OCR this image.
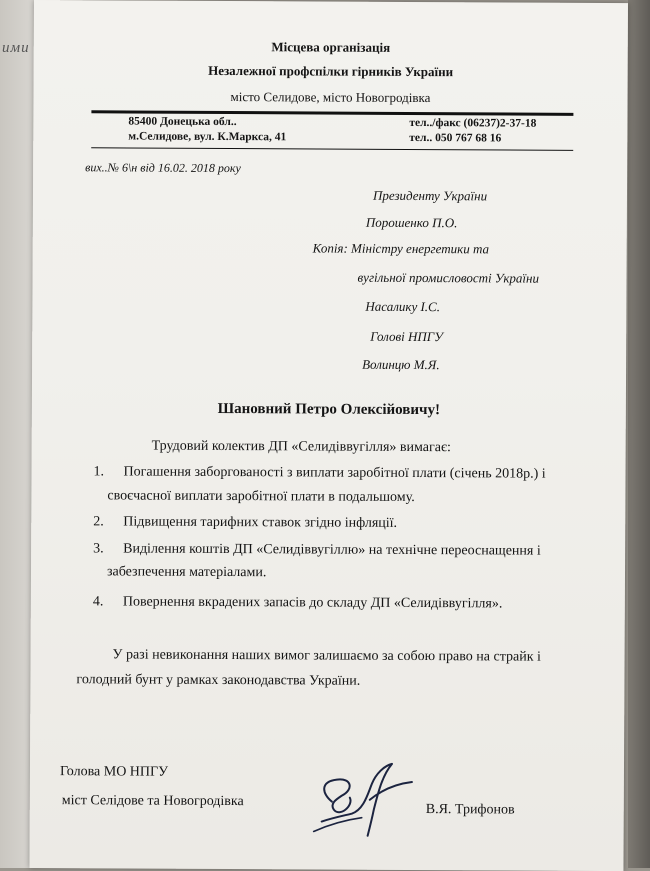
ими	Місцева організація
Незалежної профспілки гірників України
місто Селидове, місто Новогродівка
85400 Донецька обл..
м.Селидове, вул. К.Маркса, 41
тел../факс (06237)2-37-18
тел.. 050 767 68 16
вих..№ 6\н від 16.02. 2018 року
Президенту України
Порошенко П.О.
Копія: Міністру енергетики та
вугільної промисловості України
Насалику І.С.
Голові НПГУ
Волинцю М.Я.
Шановний Петро Олексійовичу!
Трудовий колектив ДП «Селидіввугілля» вимагає:
1. Погашення заборгованості з виплати заробітної плати (січень 2018р.) і
своєчасної виплати заробітної плати в подальшому.
2. Підвищення тарифних ставок згідно інфляції.
3. Виділення коштів ДП «Селидіввугіллю» на технічне переоснащення і
забезпечення матеріалами.
4. Повернення вкрадених запасів до складу ДП «Селидіввугілля».
У разі невиконання наших вимог залишаємо за собою право на страйк і
голодний бунт у рамках законодавства України.
Голова МО НПГУ
міст Селідове та Новогродівка
В.Я. Трифонов
